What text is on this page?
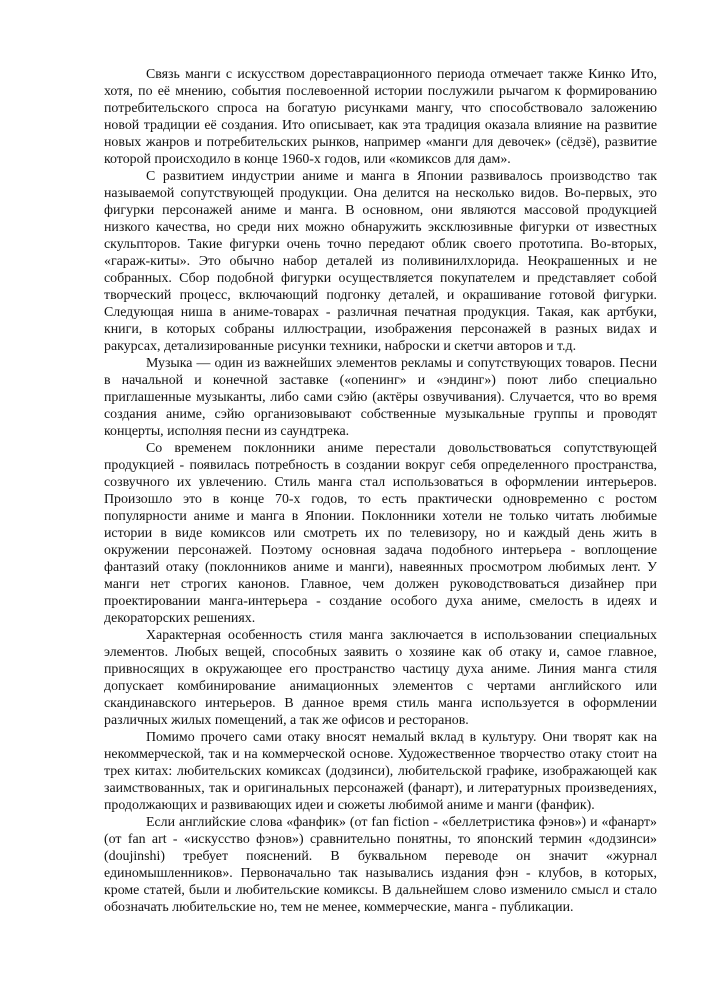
Связь манги с искусством дореставрационного периода отмечает также Кинко Ито, хотя, по её мнению, события послевоенной истории послужили рычагом к формированию потребительского спроса на богатую рисунками мангу, что способствовало заложению новой традиции её создания. Ито описывает, как эта традиция оказала влияние на развитие новых жанров и потребительских рынков, например «манги для девочек» (сёдзё), развитие которой происходило в конце 1960-х годов, или «комиксов для дам».

С развитием индустрии аниме и манга в Японии развивалось производство так называемой сопутствующей продукции. Она делится на несколько видов. Во-первых, это фигурки персонажей аниме и манга. В основном, они являются массовой продукцией низкого качества, но среди них можно обнаружить эксклюзивные фигурки от известных скульпторов. Такие фигурки очень точно передают облик своего прототипа. Во-вторых, «гараж-киты». Это обычно набор деталей из поливинилхлорида. Неокрашенных и не собранных. Сбор подобной фигурки осуществляется покупателем и представляет собой творческий процесс, включающий подгонку деталей, и окрашивание готовой фигурки. Следующая ниша в аниме-товарах - различная печатная продукция. Такая, как артбуки, книги, в которых собраны иллюстрации, изображения персонажей в разных видах и ракурсах, детализированные рисунки техники, наброски и скетчи авторов и т.д.

Музыка — один из важнейших элементов рекламы и сопутствующих товаров. Песни в начальной и конечной заставке («опенинг» и «эндинг») поют либо специально приглашенные музыканты, либо сами сэйю (актёры озвучивания). Случается, что во время создания аниме, сэйю организовывают собственные музыкальные группы и проводят концерты, исполняя песни из саундтрека.

Со временем поклонники аниме перестали довольствоваться сопутствующей продукцией - появилась потребность в создании вокруг себя определенного пространства, созвучного их увлечению. Стиль манга стал использоваться в оформлении интерьеров. Произошло это в конце 70-х годов, то есть практически одновременно с ростом популярности аниме и манга в Японии. Поклонники хотели не только читать любимые истории в виде комиксов или смотреть их по телевизору, но и каждый день жить в окружении персонажей. Поэтому основная задача подобного интерьера - воплощение фантазий отаку (поклонников аниме и манги), навеянных просмотром любимых лент. У манги нет строгих канонов. Главное, чем должен руководствоваться дизайнер при проектировании манга-интерьера - создание особого духа аниме, смелость в идеях и декораторских решениях.

Характерная особенность стиля манга заключается в использовании специальных элементов. Любых вещей, способных заявить о хозяине как об отаку и, самое главное, привносящих в окружающее его пространство частицу духа аниме. Линия манга стиля допускает комбинирование анимационных элементов с чертами английского или скандинавского интерьеров. В данное время стиль манга используется в оформлении различных жилых помещений, а так же офисов и ресторанов.

Помимо прочего сами отаку вносят немалый вклад в культуру. Они творят как на некоммерческой, так и на коммерческой основе. Художественное творчество отаку стоит на трех китах: любительских комиксах (додзинси), любительской графике, изображающей как заимствованных, так и оригинальных персонажей (фанарт), и литературных произведениях, продолжающих и развивающих идеи и сюжеты любимой аниме и манги (фанфик).

Если английские слова «фанфик» (от fan fiction - «беллетристика фэнов») и «фанарт» (от fan art - «искусство фэнов») сравнительно понятны, то японский термин «додзинси» (doujinshi) требует пояснений. В буквальном переводе он значит «журнал единомышленников». Первоначально так назывались издания фэн - клубов, в которых, кроме статей, были и любительские комиксы. В дальнейшем слово изменило смысл и стало обозначать любительские но, тем не менее, коммерческие, манга - публикации.
